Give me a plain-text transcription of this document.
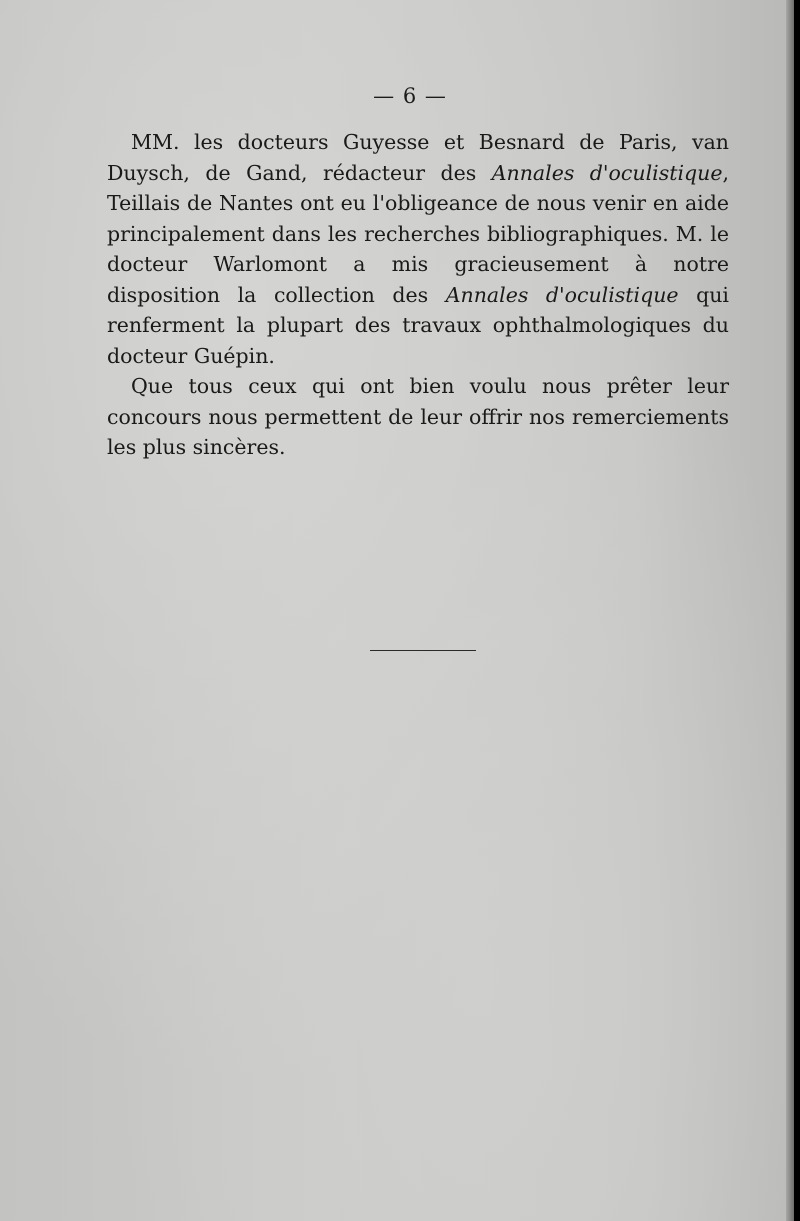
— 6 —

MM. les docteurs Guyesse et Besnard de Paris, van Duysch, de Gand, rédacteur des Annales d'oculistique, Teillais de Nantes ont eu l'obligeance de nous venir en aide principalement dans les recherches bibliographiques. M. le docteur Warlomont a mis gracieusement à notre disposition la collection des Annales d'oculistique qui renferment la plupart des travaux ophthalmologiques du docteur Guépin.

Que tous ceux qui ont bien voulu nous prêter leur concours nous permettent de leur offrir nos remerciements les plus sincères.
